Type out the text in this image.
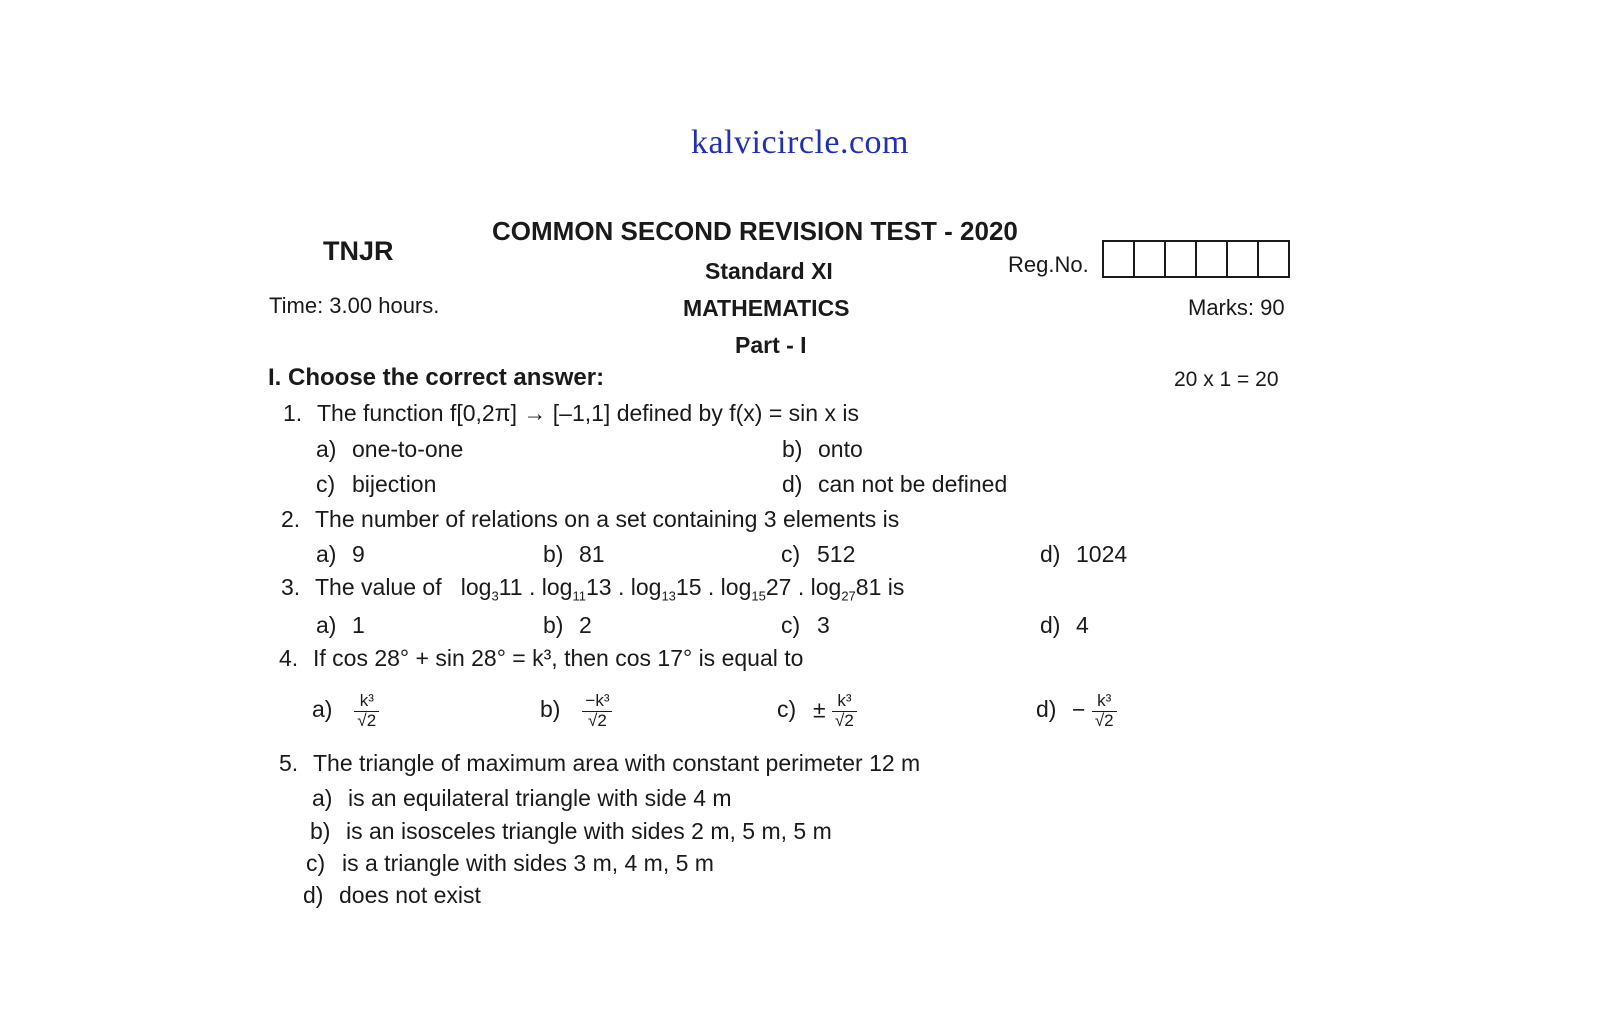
kalvicircle.com
TNJR
COMMON SECOND REVISION TEST - 2020
Standard XI	Reg.No.
Time: 3.00 hours.	MATHEMATICS	Marks: 90
Part - I
I. Choose the correct answer:	20 x 1 = 20
1. The function f[0,2π] → [–1,1] defined by f(x) = sin x is
a) one-to-one	b) onto
c) bijection	d) can not be defined
2. The number of relations on a set containing 3 elements is
a) 9	b) 81	c) 512	d) 1024
3. The value of $\log_311$ . $\log_{11}13$ . $\log_{13}15$ . $\log_{15}27$ . $\log_{27}81$ is
a) 1	b) 2	c) 3	d) 4
4. If cos 28° + sin 28° = k³, then cos 17° is equal to
$a) \frac{\text{k³}}{√2}$	$b) \frac{\text{−k³}}{√2}$	$c) \pm \frac{\text{k³}}{√2}$	$d) - \frac{\text{k³}}{√2}$
5. The triangle of maximum area with constant perimeter 12 m
a) is an equilateral triangle with side 4 m
b) is an isosceles triangle with sides 2 m, 5 m, 5 m
c) is a triangle with sides 3 m, 4 m, 5 m
d) does not exist
